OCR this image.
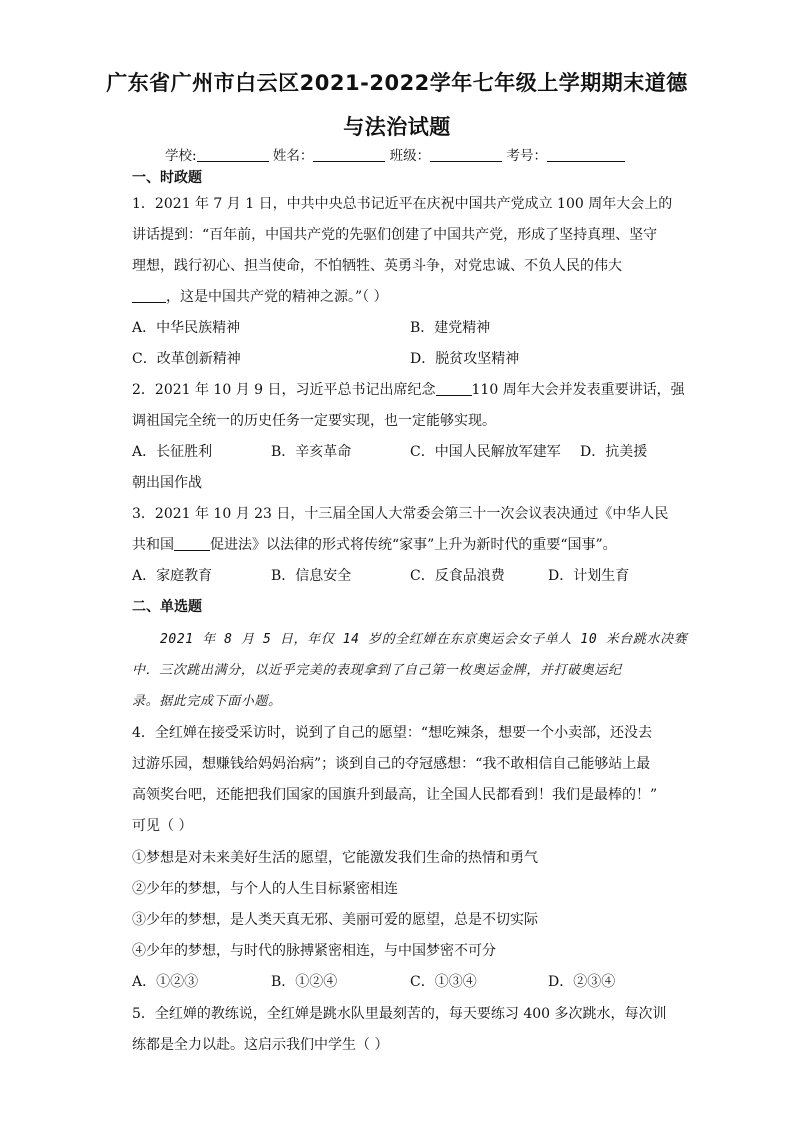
广东省广州市白云区2021-2022学年七年级上学期期末道德
与法治试题
学校:	姓名：	班级：	考号：
一、时政题
1．2021 年 7 月 1 日，中共中央总书记近平在庆祝中国共产党成立 100 周年大会上的
讲话提到：“百年前，中国共产党的先驱们创建了中国共产党，形成了坚持真理、坚守
理想，践行初心、担当使命，不怕牺牲、英勇斗争，对党忠诚、不负人民的伟大
，这是中国共产党的精神之源。”（ ）
A．中华民族精神	B．建党精神
C．改革创新精神	D．脱贫攻坚精神
2．2021 年 10 月 9 日，习近平总书记出席纪念	110 周年大会并发表重要讲话，强
调祖国完全统一的历史任务一定要实现，也一定能够实现。
A．长征胜利	B．辛亥革命	C．中国人民解放军建军 D．抗美援
朝出国作战
3．2021 年 10 月 23 日，十三届全国人大常委会第三十一次会议表决通过《中华人民
共和国	促进法》以法律的形式将传统“家事”上升为新时代的重要“国事”。
A．家庭教育	B．信息安全	C．反食品浪费	D．计划生育
二、单选题
2021 年 8 月 5 日，年仅 14 岁的全红婵在东京奥运会女子单人 10 米台跳水决赛
中．三次跳出满分，以近乎完美的表现拿到了自己第一枚奥运金牌，并打破奥运纪
录。据此完成下面小题。
4．全红婵在接受采访时，说到了自己的愿望：“想吃辣条，想要一个小卖部，还没去
过游乐园，想赚钱给妈妈治病”；谈到自己的夺冠感想：“我不敢相信自己能够站上最
高领奖台吧，还能把我们国家的国旗升到最高，让全国人民都看到！我们是最棒的！”
可见（ ）
①梦想是对未来美好生活的愿望，它能激发我们生命的热情和勇气
②少年的梦想，与个人的人生目标紧密相连
③少年的梦想，是人类天真无邪、美丽可爱的愿望，总是不切实际
④少年的梦想，与时代的脉搏紧密相连，与中国梦密不可分
A．①②③	B．①②④	C．①③④	D．②③④
5．全红婵的教练说，全红婵是跳水队里最刻苦的，每天要练习 400 多次跳水，每次训
练都是全力以赴。这启示我们中学生（ ）
